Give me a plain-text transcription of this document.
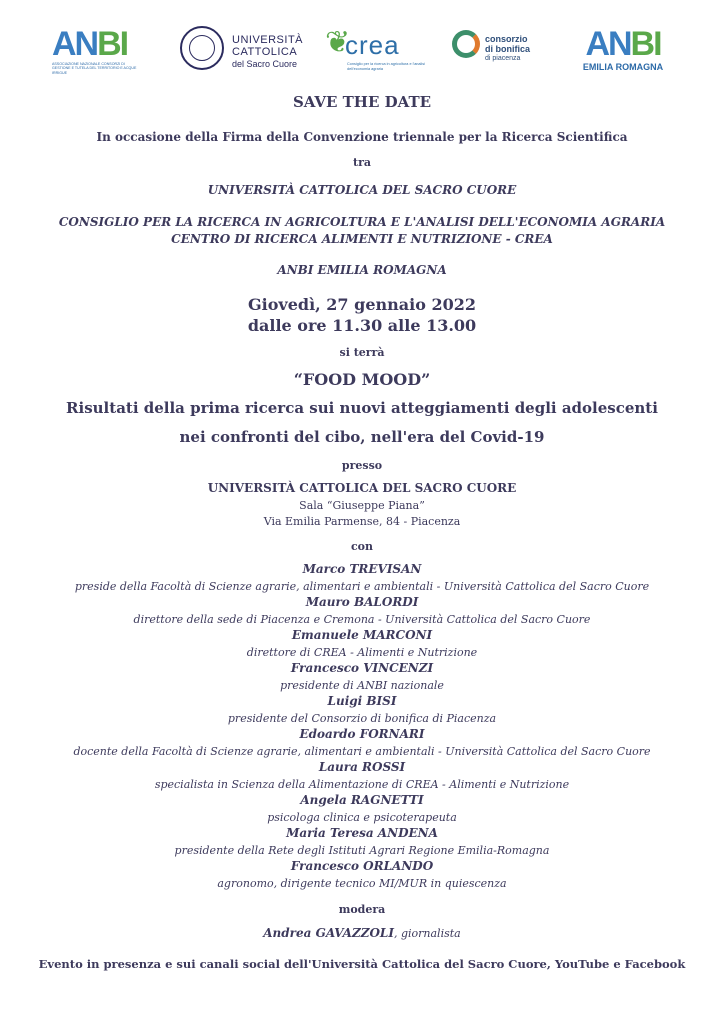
ANBI
ASSOCIAZIONE NAZIONALE CONSORZI DI GESTIONE E TUTELA DEL TERRITORIO E ACQUE IRRIGUE
UNIVERSITÀ
CATTOLICA
del Sacro Cuore
❦
crea
Consiglio per la ricerca in agricoltura e l'analisi dell'economia agraria
consorzio
di bonifica
di piacenza ANBI
EMILIA ROMAGNA
SAVE THE DATE
In occasione della Firma della Convenzione triennale per la Ricerca Scientifica
tra
UNIVERSITÀ CATTOLICA DEL SACRO CUORE
CONSIGLIO PER LA RICERCA IN AGRICOLTURA E L'ANALISI DELL'ECONOMIA AGRARIA
CENTRO DI RICERCA ALIMENTI E NUTRIZIONE - CREA
ANBI EMILIA ROMAGNA
Giovedì, 27 gennaio 2022
dalle ore 11.30 alle 13.00
si terrà
“FOOD MOOD”
Risultati della prima ricerca sui nuovi atteggiamenti degli adolescenti
nei confronti del cibo, nell'era del Covid-19
presso
UNIVERSITÀ CATTOLICA DEL SACRO CUORE
Sala “Giuseppe Piana”
Via Emilia Parmense, 84 - Piacenza
con
Marco TREVISAN
preside della Facoltà di Scienze agrarie, alimentari e ambientali - Università Cattolica del Sacro Cuore
Mauro BALORDI
direttore della sede di Piacenza e Cremona - Università Cattolica del Sacro Cuore
Emanuele MARCONI
direttore di CREA - Alimenti e Nutrizione
Francesco VINCENZI
presidente di ANBI nazionale
Luigi BISI
presidente del Consorzio di bonifica di Piacenza
Edoardo FORNARI
docente della Facoltà di Scienze agrarie, alimentari e ambientali - Università Cattolica del Sacro Cuore
Laura ROSSI
specialista in Scienza della Alimentazione di CREA - Alimenti e Nutrizione
Angela RAGNETTI
psicologa clinica e psicoterapeuta
Maria Teresa ANDENA
presidente della Rete degli Istituti Agrari Regione Emilia-Romagna
Francesco ORLANDO
agronomo, dirigente tecnico MI/MUR in quiescenza
modera
Andrea GAVAZZOLI, giornalista
Evento in presenza e sui canali social dell'Università Cattolica del Sacro Cuore, YouTube e Facebook
